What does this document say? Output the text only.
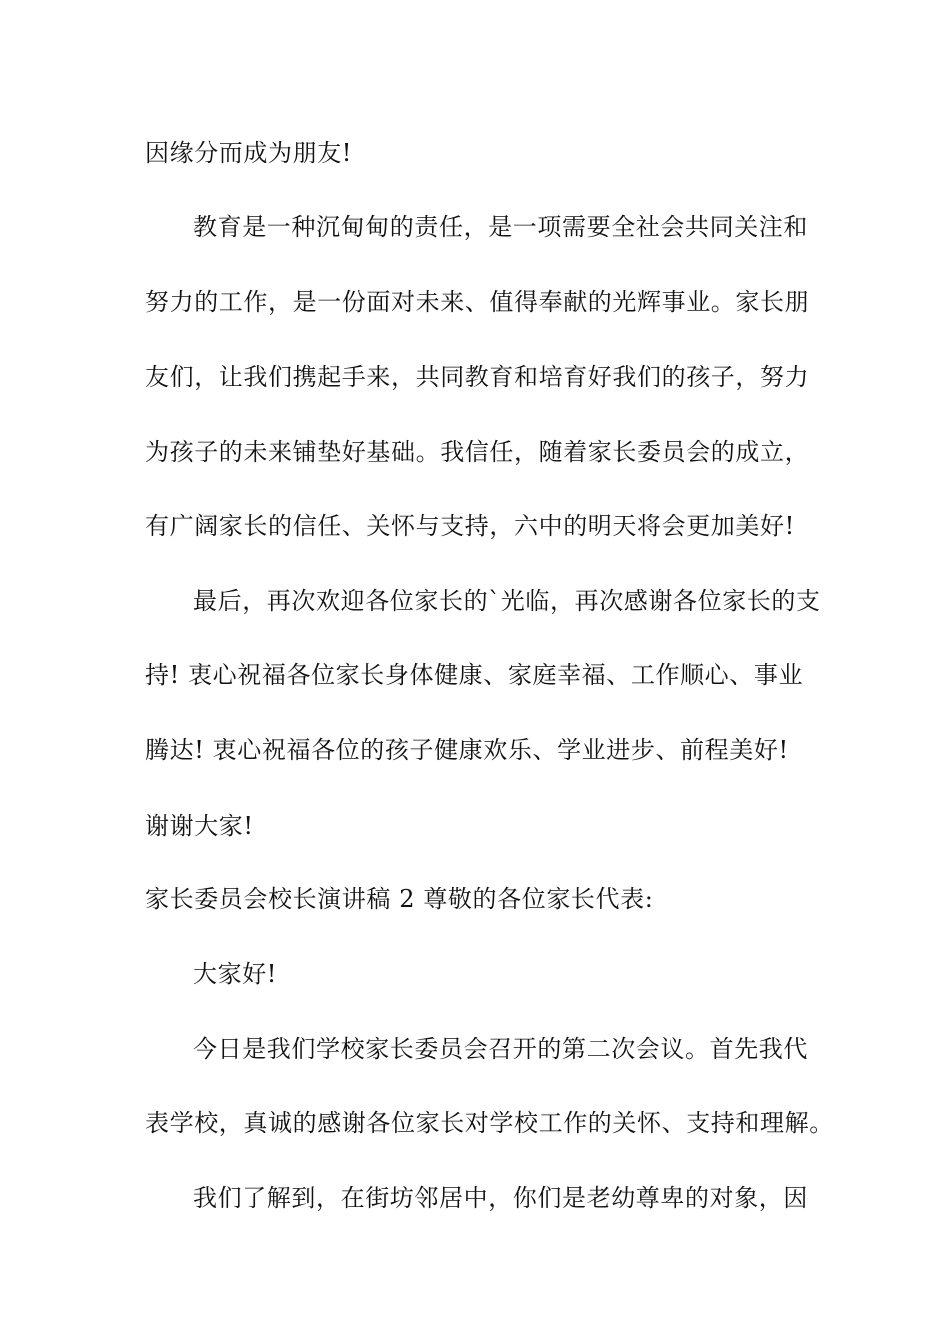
因缘分而成为朋友!
教育是一种沉甸甸的责任，是一项需要全社会共同关注和
努力的工作，是一份面对未来、值得奉献的光辉事业。家长朋
友们，让我们携起手来，共同教育和培育好我们的孩子，努力
为孩子的未来铺垫好基础。我信任，随着家长委员会的成立，
有广阔家长的信任、关怀与支持，六中的明天将会更加美好!
最后，再次欢迎各位家长的`光临，再次感谢各位家长的支
持! 衷心祝福各位家长身体健康、家庭幸福、工作顺心、事业
腾达! 衷心祝福各位的孩子健康欢乐、学业进步、前程美好!
谢谢大家!
家长委员会校长演讲稿 2 尊敬的各位家长代表:
大家好!
今日是我们学校家长委员会召开的第二次会议。首先我代
表学校，真诚的感谢各位家长对学校工作的关怀、支持和理解。
我们了解到，在街坊邻居中，你们是老幼尊卑的对象，因
